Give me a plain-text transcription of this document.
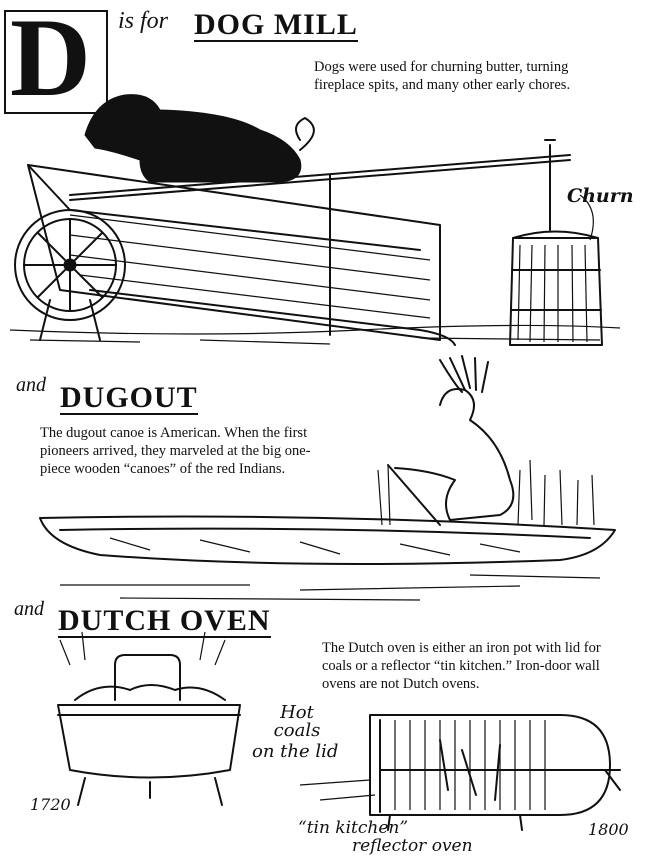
D is for DOG MILL
Dogs were used for churning butter, turning fireplace spits, and many other early chores.
Churn
and DUGOUT
The dugout canoe is American. When the first pioneers arrived, they marveled at the big one-piece wooden “canoes” of the red Indians.
and DUTCH OVEN
The Dutch oven is either an iron pot with lid for coals or a reflector “tin kitchen.” Iron-door wall ovens are not Dutch ovens.
Hot
coals
on the lid
1720
“tin kitchen”
reflector oven
1800
